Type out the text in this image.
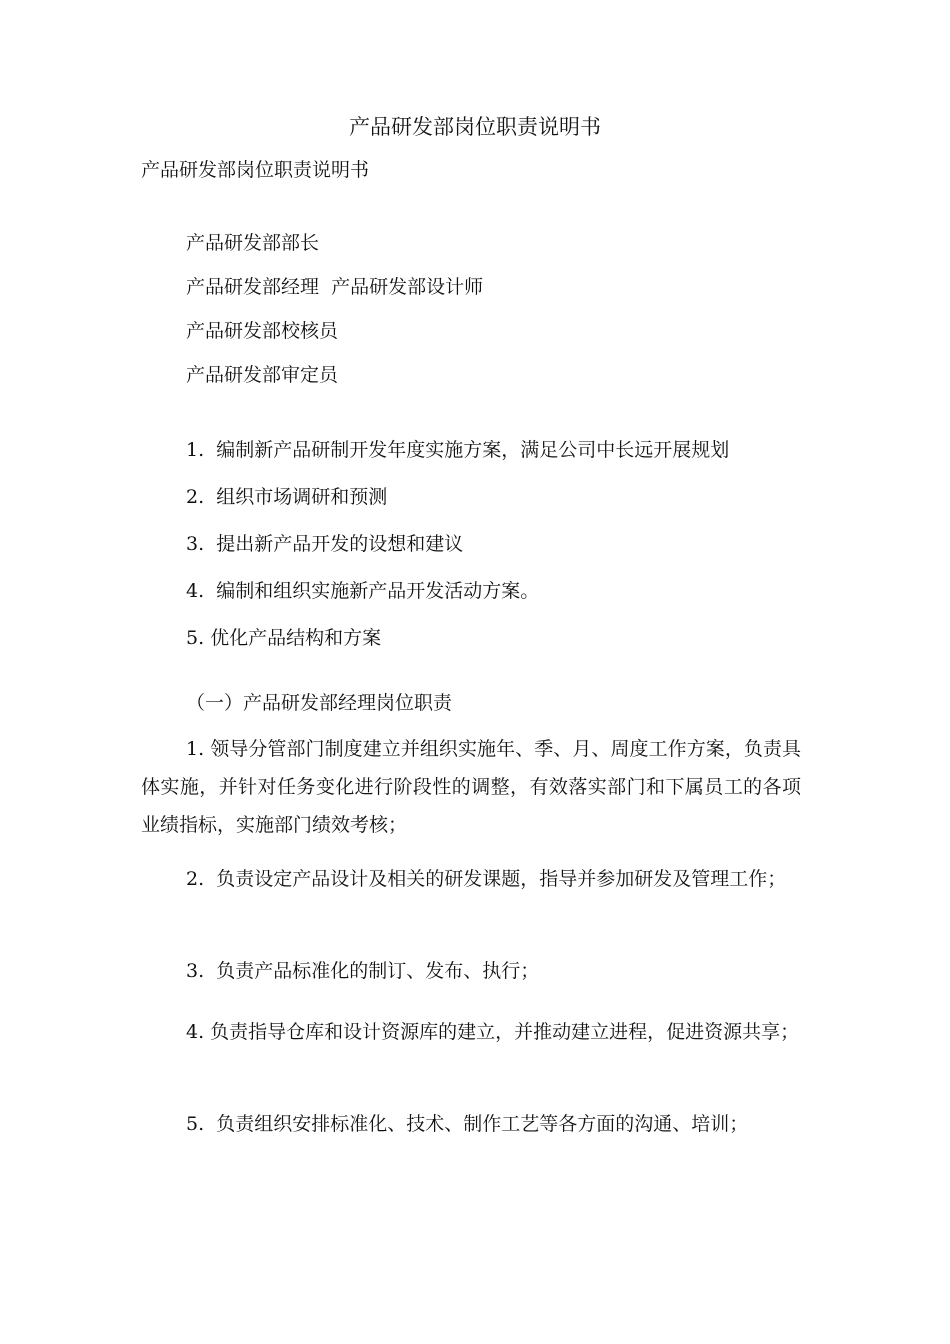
产品研发部岗位职责说明书
产品研发部岗位职责说明书
产品研发部部长
产品研发部经理  产品研发部设计师
产品研发部校核员
产品研发部审定员
1.  编制新产品研制开发年度实施方案，满足公司中长远开展规划
2.  组织市场调研和预测
3.  提出新产品开发的设想和建议
4.  编制和组织实施新产品开发活动方案。
5. 优化产品结构和方案
（一）产品研发部经理岗位职责
1. 领导分管部门制度建立并组织实施年、季、月、周度工作方案，负责具体实施，并针对任务变化进行阶段性的调整，有效落实部门和下属员工的各项业绩指标，实施部门绩效考核；
2.  负责设定产品设计及相关的研发课题，指导并参加研发及管理工作；
3.  负责产品标准化的制订、发布、执行；
4. 负责指导仓库和设计资源库的建立，并推动建立进程，促进资源共享；
5.  负责组织安排标准化、技术、制作工艺等各方面的沟通、培训；
